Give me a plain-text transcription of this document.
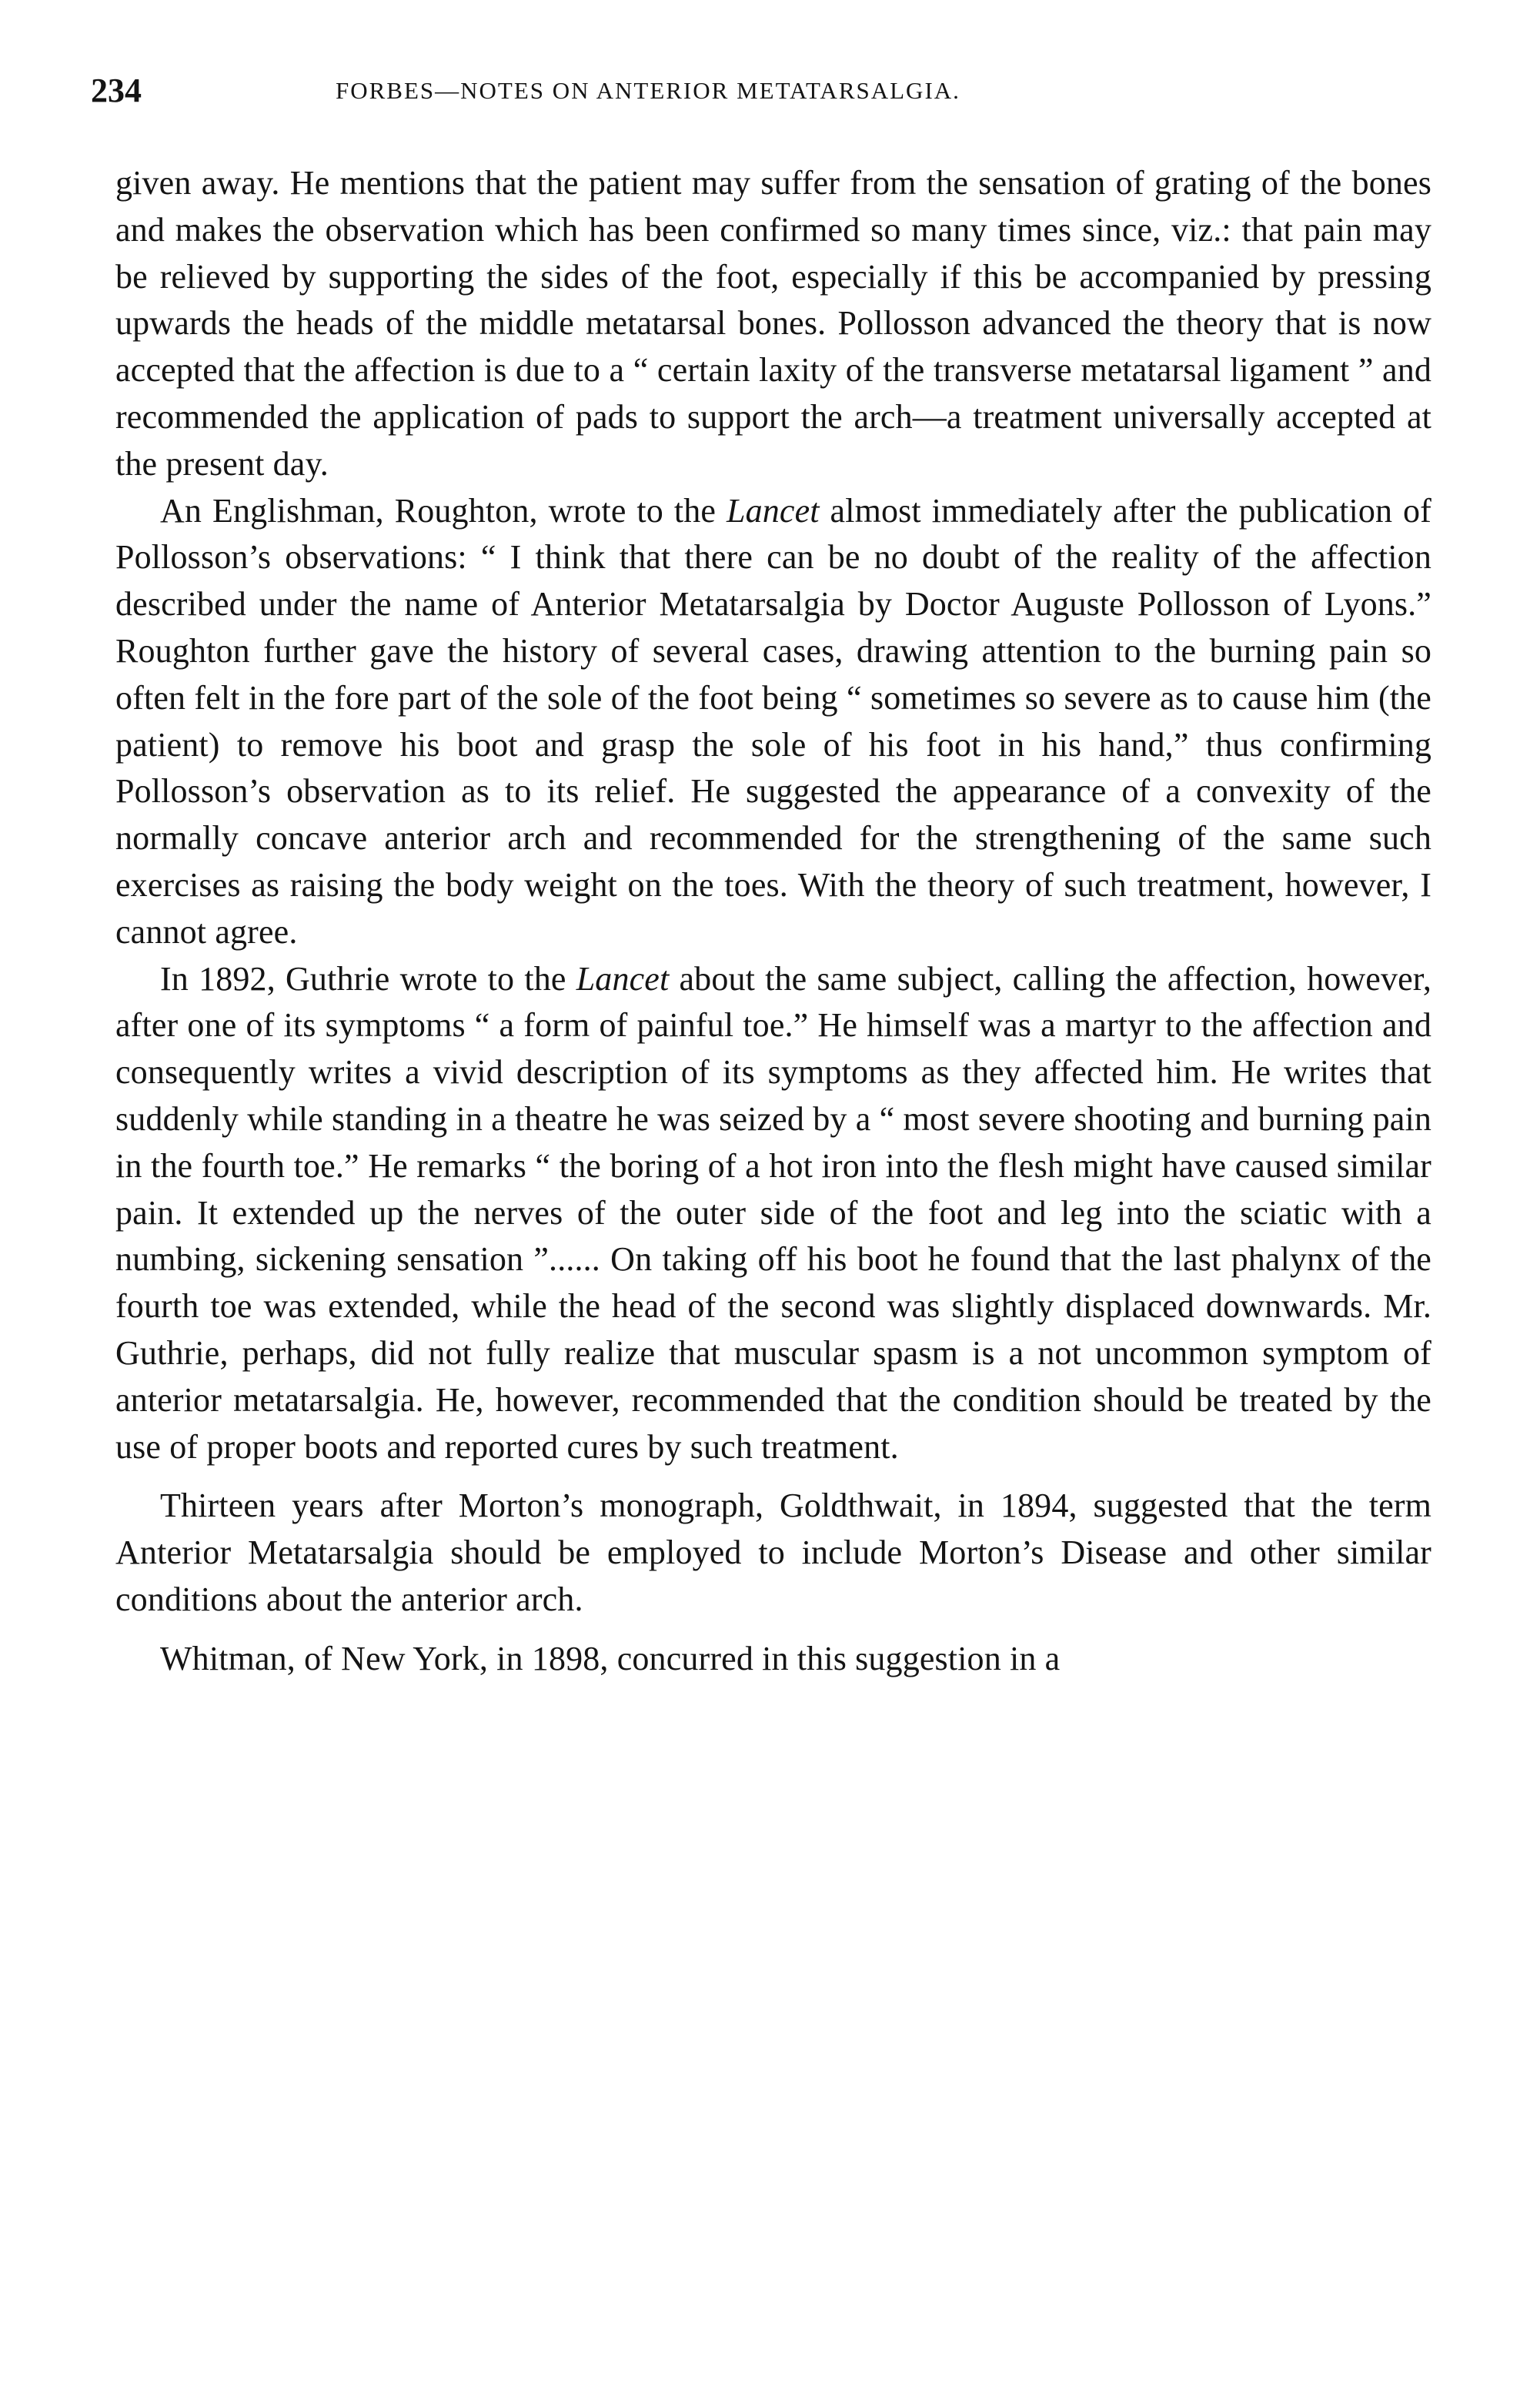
234	FORBES—NOTES ON ANTERIOR METATARSALGIA.

given away. He mentions that the patient may suffer from the sensation of grating of the bones and makes the observation which has been confirmed so many times since, viz.: that pain may be relieved by supporting the sides of the foot, especially if this be accompanied by pressing upwards the heads of the middle metatarsal bones. Pollosson advanced the theory that is now accepted that the affection is due to a “ certain laxity of the transverse metatarsal ligament ” and recommended the application of pads to support the arch—a treatment universally accepted at the present day.

An Englishman, Roughton, wrote to the Lancet almost immediately after the publication of Pollosson’s observations: “ I think that there can be no doubt of the reality of the affection described under the name of Anterior Metatarsalgia by Doctor Auguste Pollosson of Lyons.” Roughton further gave the history of several cases, drawing attention to the burning pain so often felt in the fore part of the sole of the foot being “ sometimes so severe as to cause him (the patient) to remove his boot and grasp the sole of his foot in his hand,” thus confirming Pollosson’s observation as to its relief. He suggested the appearance of a convexity of the normally concave anterior arch and recommended for the strengthening of the same such exercises as raising the body weight on the toes. With the theory of such treatment, however, I cannot agree.

In 1892, Guthrie wrote to the Lancet about the same subject, calling the affection, however, after one of its symptoms “ a form of painful toe.” He himself was a martyr to the affection and consequently writes a vivid description of its symptoms as they affected him. He writes that suddenly while standing in a theatre he was seized by a “ most severe shooting and burning pain in the fourth toe.” He remarks “ the boring of a hot iron into the flesh might have caused similar pain. It extended up the nerves of the outer side of the foot and leg into the sciatic with a numbing, sickening sensation ”...... On taking off his boot he found that the last phalynx of the fourth toe was extended, while the head of the second was slightly displaced downwards. Mr. Guthrie, perhaps, did not fully realize that muscular spasm is a not uncommon symptom of anterior metatarsalgia. He, however, recommended that the condition should be treated by the use of proper boots and reported cures by such treatment.

Thirteen years after Morton’s monograph, Goldthwait, in 1894, suggested that the term Anterior Metatarsalgia should be employed to include Morton’s Disease and other similar conditions about the anterior arch.

Whitman, of New York, in 1898, concurred in this suggestion in a
